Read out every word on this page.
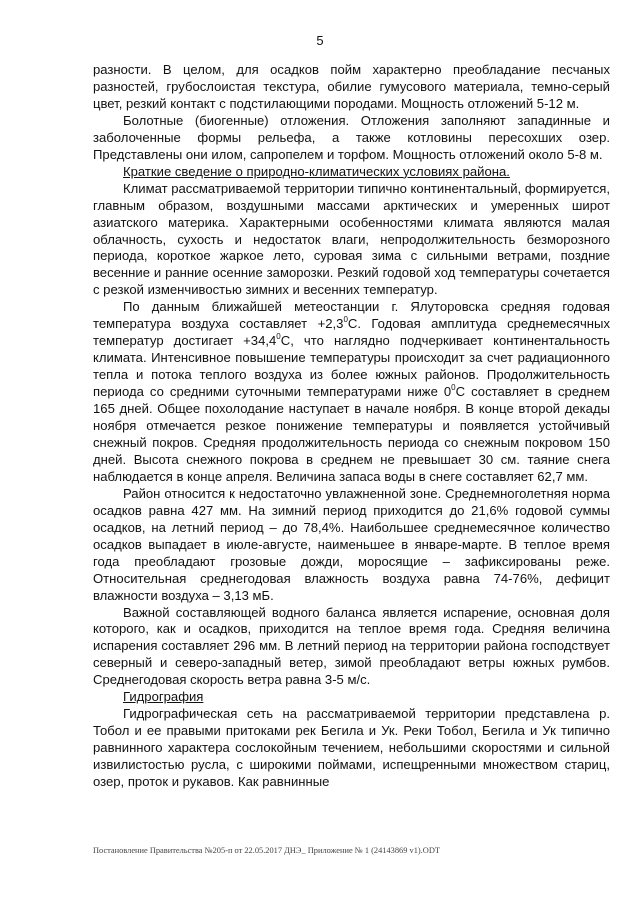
5

разности. В целом, для осадков пойм характерно преобладание песчаных разностей, грубослоистая текстура, обилие гумусового материала, темно-серый цвет, резкий контакт с подстилающими породами. Мощность отложений 5-12 м.

Болотные (биогенные) отложения. Отложения заполняют западинные и заболоченные формы рельефа, а также котловины пересохших озер. Представлены они илом, сапропелем и торфом. Мощность отложений около 5-8 м.

Краткие сведение о природно-климатических условиях района.

Климат рассматриваемой территории типично континентальный, формируется, главным образом, воздушными массами арктических и умеренных широт азиатского материка. Характерными особенностями климата являются малая облачность, сухость и недостаток влаги, непродолжительность безморозного периода, короткое жаркое лето, суровая зима с сильными ветрами, поздние весенние и ранние осенние заморозки. Резкий годовой ход температуры сочетается с резкой изменчивостью зимних и весенних температур.

По данным ближайшей метеостанции г. Ялуторовска средняя годовая температура воздуха составляет $+2,3^0С$. Годовая амплитуда среднемесячных температур достигает $+34,4^0С$, что наглядно подчеркивает континентальность климата. Интенсивное повышение температуры происходит за счет радиационного тепла и потока теплого воздуха из более южных районов. Продолжительность периода со средними суточными температурами ниже $0^0С$ составляет в среднем 165 дней. Общее похолодание наступает в начале ноября. В конце второй декады ноября отмечается резкое понижение температуры и появляется устойчивый снежный покров. Средняя продолжительность периода со снежным покровом 150 дней. Высота снежного покрова в среднем не превышает 30 см. таяние снега наблюдается в конце апреля. Величина запаса воды в снеге составляет 62,7 мм.

Район относится к недостаточно увлажненной зоне. Среднемноголетняя норма осадков равна 427 мм. На зимний период приходится до 21,6% годовой суммы осадков, на летний период – до 78,4%. Наибольшее среднемесячное количество осадков выпадает в июле-августе, наименьшее в январе-марте. В теплое время года преобладают грозовые дожди, моросящие – зафиксированы реже. Относительная среднегодовая влажность воздуха равна 74-76%, дефицит влажности воздуха – 3,13 мБ.

Важной составляющей водного баланса является испарение, основная доля которого, как и осадков, приходится на теплое время года. Средняя величина испарения составляет 296 мм. В летний период на территории района господствует северный и северо-западный ветер, зимой преобладают ветры южных румбов. Среднегодовая скорость ветра равна 3-5 м/с.

Гидрография

Гидрографическая сеть на рассматриваемой территории представлена р. Тобол и ее правыми притоками рек Бегила и Ук. Реки Тобол, Бегила и Ук типично равнинного характера сослокойным течением, небольшими скоростями и сильной извилистостью русла, с широкими поймами, испещренными множеством стариц, озер, проток и рукавов. Как равнинные

Постановление Правительства №205-п от 22.05.2017 ДНЭ_ Приложение № 1 (24143869 v1).ODT
